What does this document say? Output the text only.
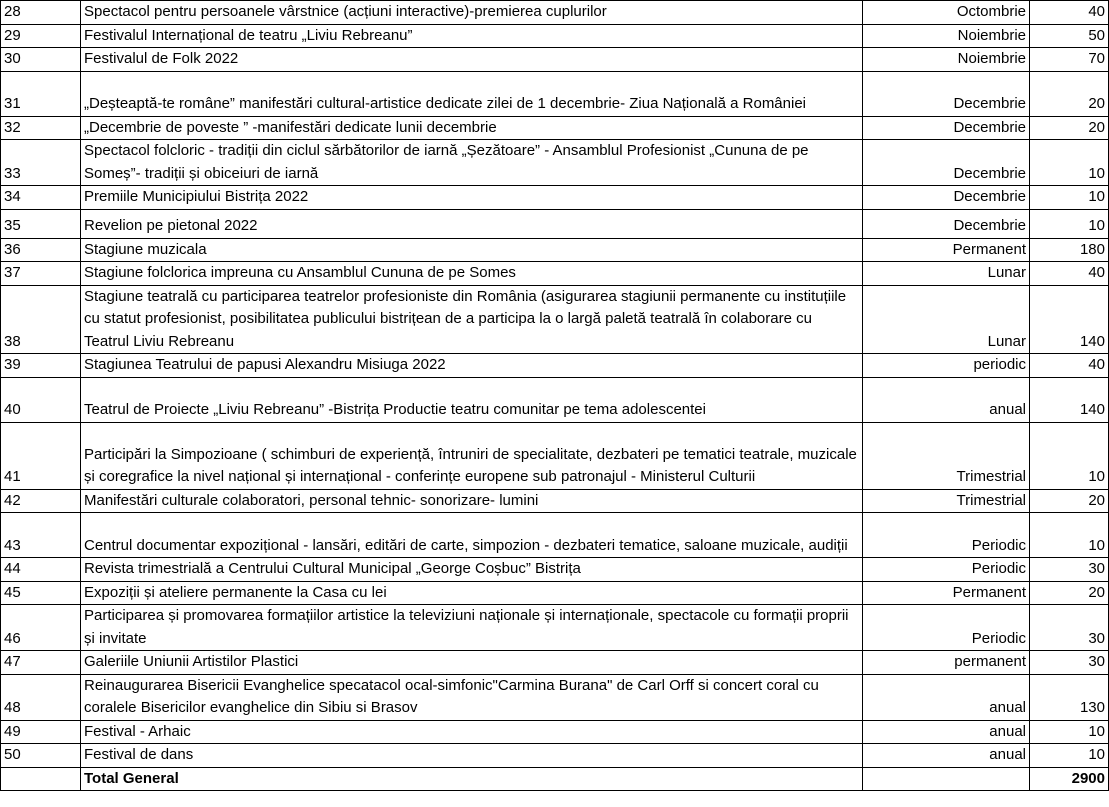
28	Spectacol pentru persoanele vârstnice (acțiuni interactive)-premierea cuplurilor	Octombrie	40
29	Festivalul Internațional de teatru „Liviu Rebreanu”	Noiembrie	50
30	Festivalul de Folk 2022	Noiembrie	70
31	„Deșteaptă-te române” manifestări cultural-artistice dedicate zilei de 1 decembrie- Ziua Națională a României	Decembrie	20
32	„Decembrie de poveste ” -manifestări dedicate lunii decembrie	Decembrie	20
33	Spectacol folcloric - tradiții din ciclul sărbătorilor de iarnă „Șezătoare” - Ansamblul Profesionist „Cununa de pe Someș”- tradiții și obiceiuri de iarnă	Decembrie	10
34	Premiile Municipiului Bistrița 2022	Decembrie	10
35	Revelion pe pietonal 2022	Decembrie	10
36	Stagiune muzicala	Permanent	180
37	Stagiune folclorica impreuna cu Ansamblul Cununa de pe Somes	Lunar	40
38	Stagiune teatrală cu participarea teatrelor profesioniste din România (asigurarea stagiunii permanente cu instituțiile cu statut profesionist, posibilitatea publicului bistrițean de a participa la o largă paletă teatrală în colaborare cu Teatrul Liviu Rebreanu	Lunar	140
39	Stagiunea Teatrului de papusi Alexandru Misiuga 2022	periodic	40
40	Teatrul de Proiecte „Liviu Rebreanu” -Bistrița Productie teatru comunitar pe tema adolescentei	anual	140
41	Participări la Simpozioane ( schimburi de experiență, întruniri de specialitate, dezbateri pe tematici teatrale, muzicale și coregrafice la nivel național și internațional - conferințe europene sub patronajul - Ministerul Culturii	Trimestrial	10
42	Manifestări culturale colaboratori, personal tehnic- sonorizare- lumini	Trimestrial	20
43	Centrul documentar expozițional - lansări, editări de carte, simpozion - dezbateri tematice, saloane muzicale, audiții	Periodic	10
44	Revista trimestrială a Centrului Cultural Municipal „George Coșbuc” Bistrița	Periodic	30
45	Expoziții și ateliere permanente la Casa cu lei	Permanent	20
46	Participarea și promovarea formațiilor artistice la televiziuni naționale și internaționale, spectacole cu formații proprii și invitate	Periodic	30
47	Galeriile Uniunii Artistilor Plastici	permanent	30
48	Reinaugurarea Bisericii Evanghelice specatacol ocal-simfonic"Carmina Burana" de Carl Orff si concert coral cu coralele Bisericilor evanghelice din Sibiu si Brasov	anual	130
49	Festival - Arhaic	anual	10
50	Festival de dans	anual	10
	Total General		2900
